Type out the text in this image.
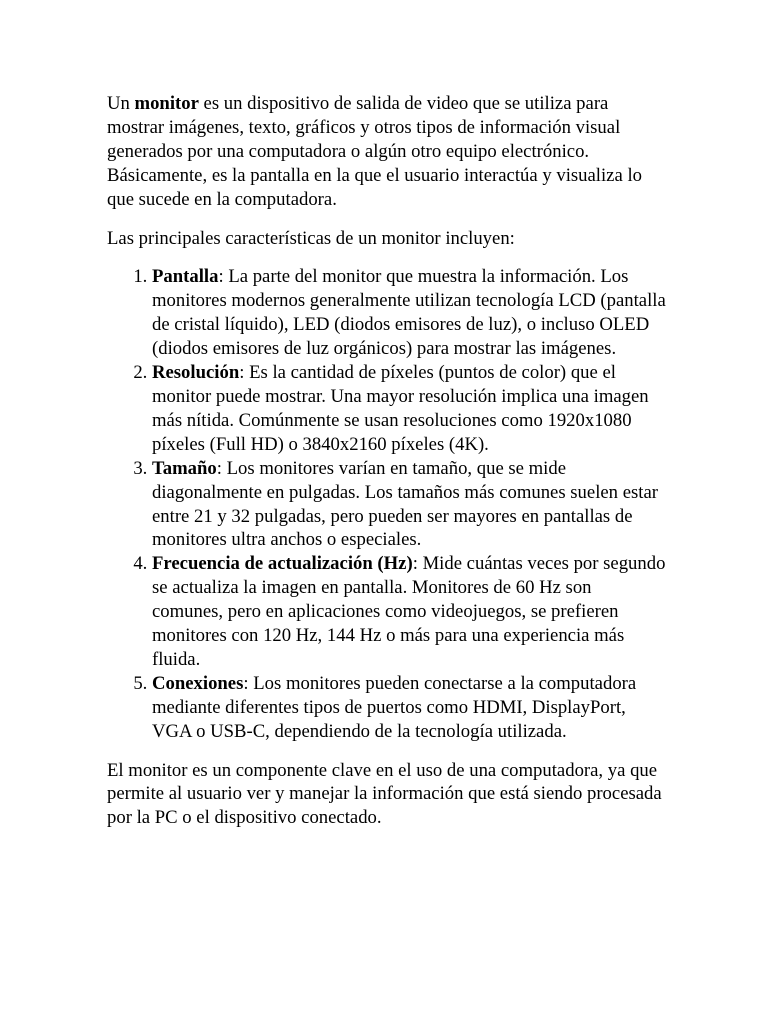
Un monitor es un dispositivo de salida de video que se utiliza para mostrar imágenes, texto, gráficos y otros tipos de información visual generados por una computadora o algún otro equipo electrónico. Básicamente, es la pantalla en la que el usuario interactúa y visualiza lo que sucede en la computadora.

Las principales características de un monitor incluyen:

1. Pantalla: La parte del monitor que muestra la información. Los monitores modernos generalmente utilizan tecnología LCD (pantalla de cristal líquido), LED (diodos emisores de luz), o incluso OLED (diodos emisores de luz orgánicos) para mostrar las imágenes.
2. Resolución: Es la cantidad de píxeles (puntos de color) que el monitor puede mostrar. Una mayor resolución implica una imagen más nítida. Comúnmente se usan resoluciones como 1920x1080 píxeles (Full HD) o 3840x2160 píxeles (4K).
3. Tamaño: Los monitores varían en tamaño, que se mide diagonalmente en pulgadas. Los tamaños más comunes suelen estar entre 21 y 32 pulgadas, pero pueden ser mayores en pantallas de monitores ultra anchos o especiales.
4. Frecuencia de actualización (Hz): Mide cuántas veces por segundo se actualiza la imagen en pantalla. Monitores de 60 Hz son comunes, pero en aplicaciones como videojuegos, se prefieren monitores con 120 Hz, 144 Hz o más para una experiencia más fluida.
5. Conexiones: Los monitores pueden conectarse a la computadora mediante diferentes tipos de puertos como HDMI, DisplayPort, VGA o USB-C, dependiendo de la tecnología utilizada.

El monitor es un componente clave en el uso de una computadora, ya que permite al usuario ver y manejar la información que está siendo procesada por la PC o el dispositivo conectado.
